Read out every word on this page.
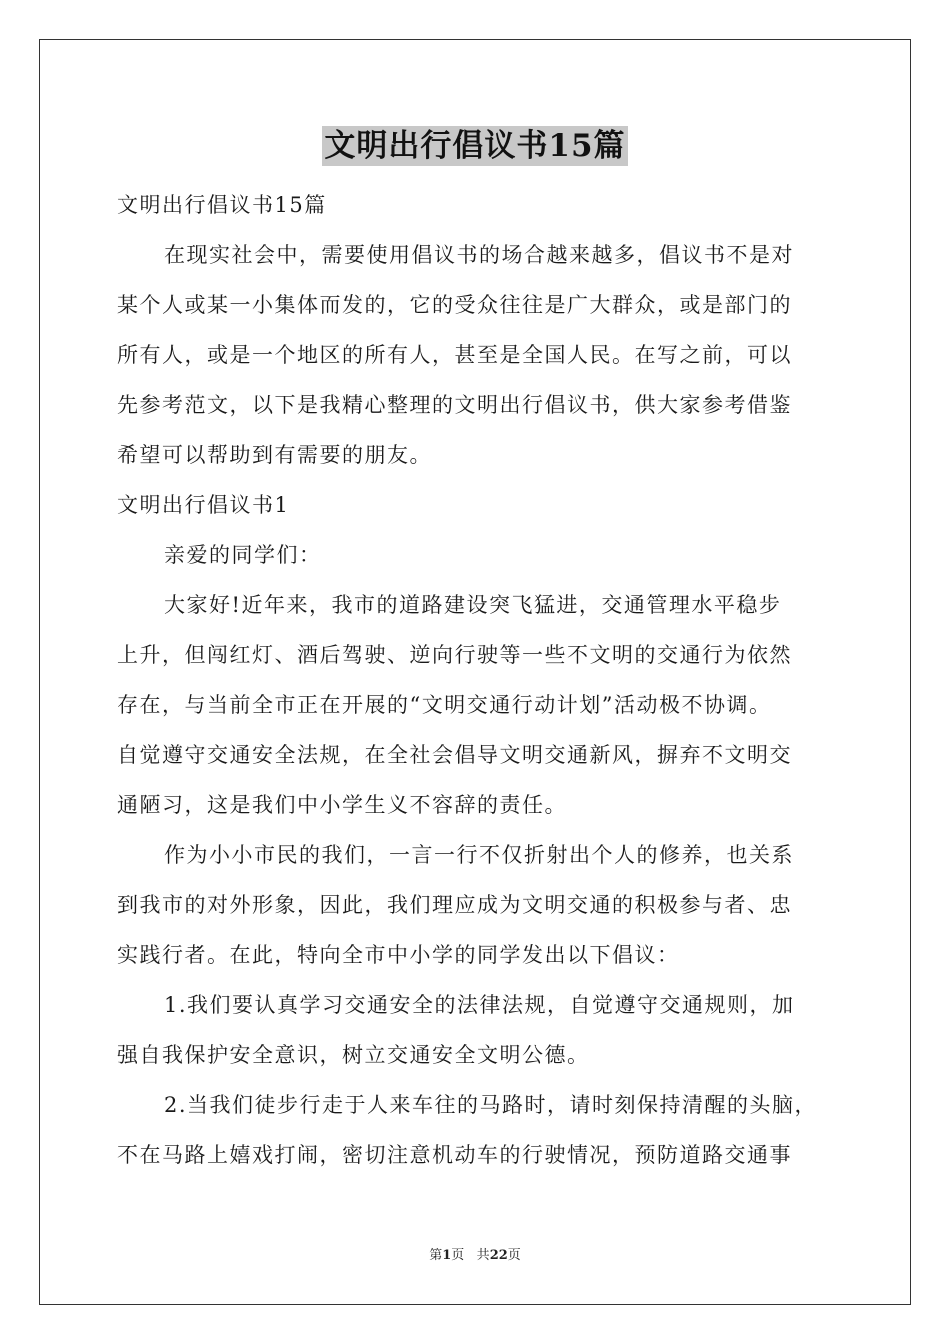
文明出行倡议书15篇
文明出行倡议书15篇
在现实社会中，需要使用倡议书的场合越来越多，倡议书不是对
某个人或某一小集体而发的，它的受众往往是广大群众，或是部门的
所有人，或是一个地区的所有人，甚至是全国人民。在写之前，可以
先参考范文，以下是我精心整理的文明出行倡议书，供大家参考借鉴
希望可以帮助到有需要的朋友。
文明出行倡议书1
亲爱的同学们：
大家好!近年来，我市的道路建设突飞猛进，交通管理水平稳步
上升，但闯红灯、酒后驾驶、逆向行驶等一些不文明的交通行为依然
存在，与当前全市正在开展的“文明交通行动计划”活动极不协调。
自觉遵守交通安全法规，在全社会倡导文明交通新风，摒弃不文明交
通陋习，这是我们中小学生义不容辞的责任。
作为小小市民的我们，一言一行不仅折射出个人的修养，也关系
到我市的对外形象，因此，我们理应成为文明交通的积极参与者、忠
实践行者。在此，特向全市中小学的同学发出以下倡议：
1.我们要认真学习交通安全的法律法规，自觉遵守交通规则，加
强自我保护安全意识，树立交通安全文明公德。
2.当我们徒步行走于人来车往的马路时，请时刻保持清醒的头脑，
不在马路上嬉戏打闹，密切注意机动车的行驶情况，预防道路交通事
第1页 共22页
